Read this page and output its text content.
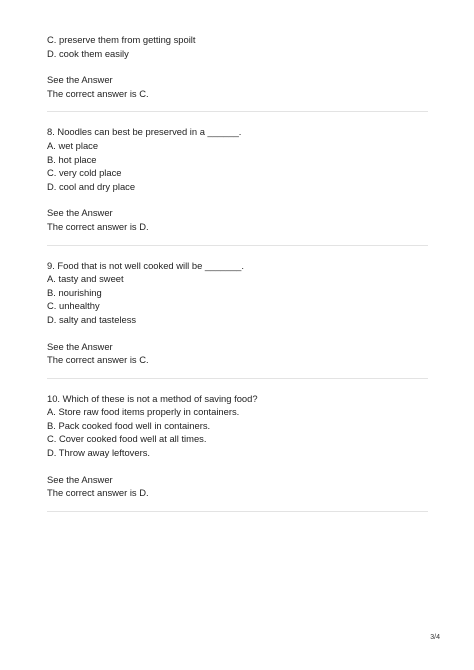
C. preserve them from getting spoilt

D. cook them easily

See the Answer

The correct answer is C.

8. Noodles can best be preserved in a ______.

A. wet place

B. hot place

C. very cold place

D. cool and dry place

See the Answer

The correct answer is D.

9. Food that is not well cooked will be _______.

A. tasty and sweet

B. nourishing

C. unhealthy

D. salty and tasteless

See the Answer

The correct answer is C.

10. Which of these is not a method of saving food?

A. Store raw food items properly in containers.

B. Pack cooked food well in containers.

C. Cover cooked food well at all times.

D. Throw away leftovers.

See the Answer

The correct answer is D.

3/4
